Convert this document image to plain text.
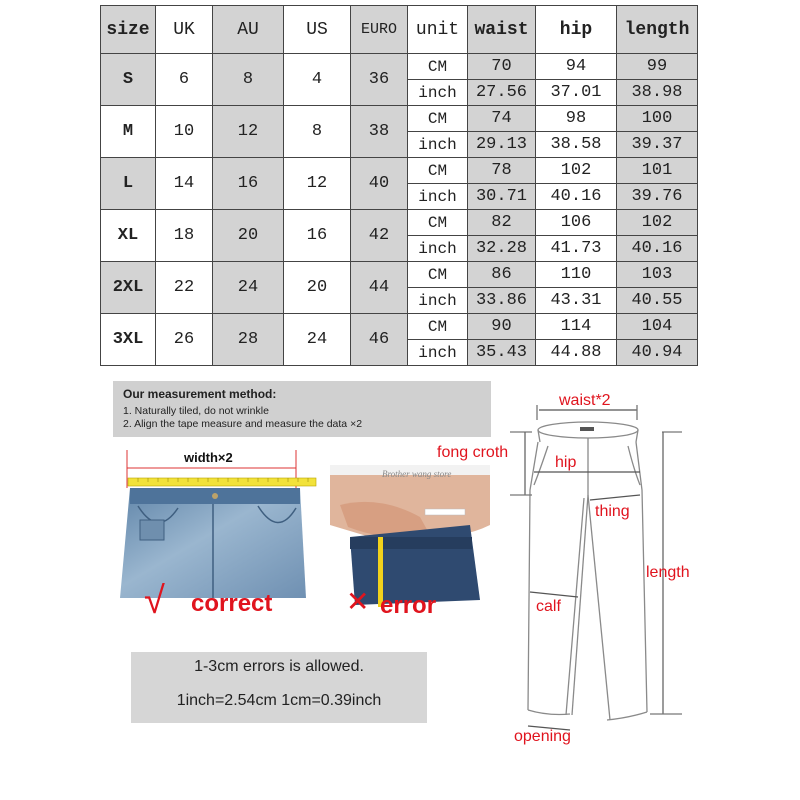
size	UK	AU	US	EURO	unit	waist	hip	length
S	6	8	4	36	CM	70	94	99
					inch	27.56	37.01	38.98
M	10	12	8	38	CM	74	98	100
					inch	29.13	38.58	39.37
L	14	16	12	40	CM	78	102	101
					inch	30.71	40.16	39.76
XL	18	20	16	42	CM	82	106	102
					inch	32.28	41.73	40.16
2XL	22	24	20	44	CM	86	110	103
					inch	33.86	43.31	40.55
3XL	26	28	24	46	CM	90	114	104
					inch	35.43	44.88	40.94
Our measurement method:
1. Naturally tiled, do not wrinkle
2. Align the tape measure and measure the data ×2
width×2
√ correct
Brother wang store
✕ error
waist*2
fong croth
hip
thing
length
calf
opening
1-3cm errors is allowed.
1inch=2.54cm 1cm=0.39inch
